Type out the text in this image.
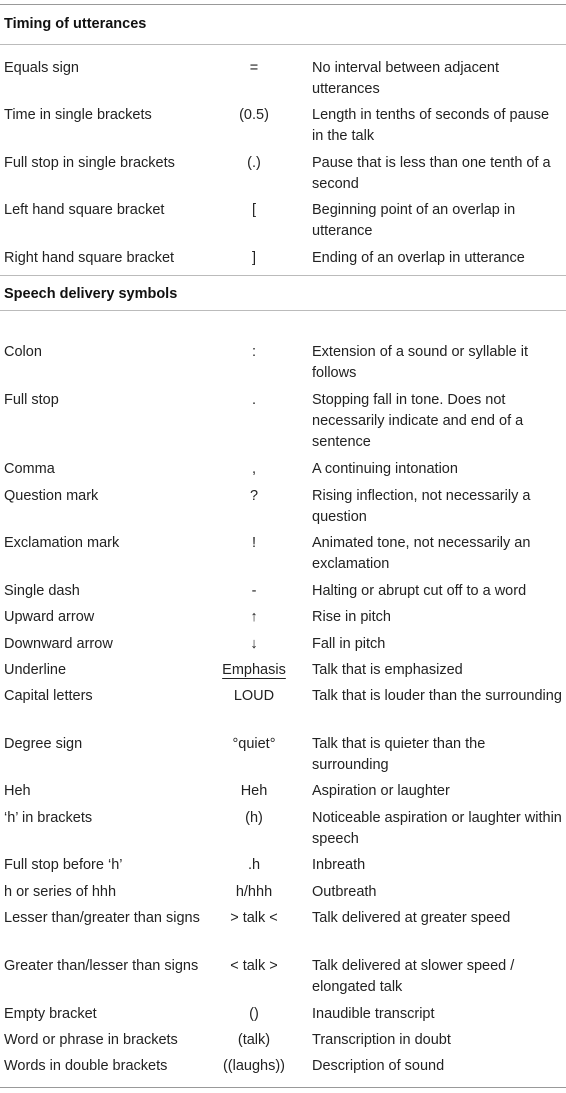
Timing of utterances
Equals sign	=	No interval between adjacent utterances
Time in single brackets	(0.5)	Length in tenths of seconds of pause in the talk
Full stop in single brackets	(.)	Pause that is less than one tenth of a second
Left hand square bracket	[	Beginning point of an overlap in utterance
Right hand square bracket	]	Ending of an overlap in utterance
Speech delivery symbols
Colon	:	Extension of a sound or syllable it follows
Full stop	.	Stopping fall in tone. Does not necessarily indicate and end of a sentence
Comma	,	A continuing intonation
Question mark	?	Rising inflection, not necessarily a question
Exclamation mark	!	Animated tone, not necessarily an exclamation
Single dash	-	Halting or abrupt cut off to a word
Upward arrow	↑	Rise in pitch
Downward arrow	↓	Fall in pitch
Underline	Emphasis	Talk that is emphasized
Capital letters	LOUD	Talk that is louder than the surrounding
Degree sign	°quiet°	Talk that is quieter than the surrounding
Heh	Heh	Aspiration or laughter
‘h’ in brackets	(h)	Noticeable aspiration or laughter within speech
Full stop before ‘h’	.h	Inbreath
h or series of hhh	h/hhh	Outbreath
Lesser than/greater than signs	> talk <	Talk delivered at greater speed
Greater than/lesser than signs	< talk >	Talk delivered at slower speed / elongated talk
Empty bracket	()	Inaudible transcript
Word or phrase in brackets	(talk)	Transcription in doubt
Words in double brackets	((laughs))	Description of sound
